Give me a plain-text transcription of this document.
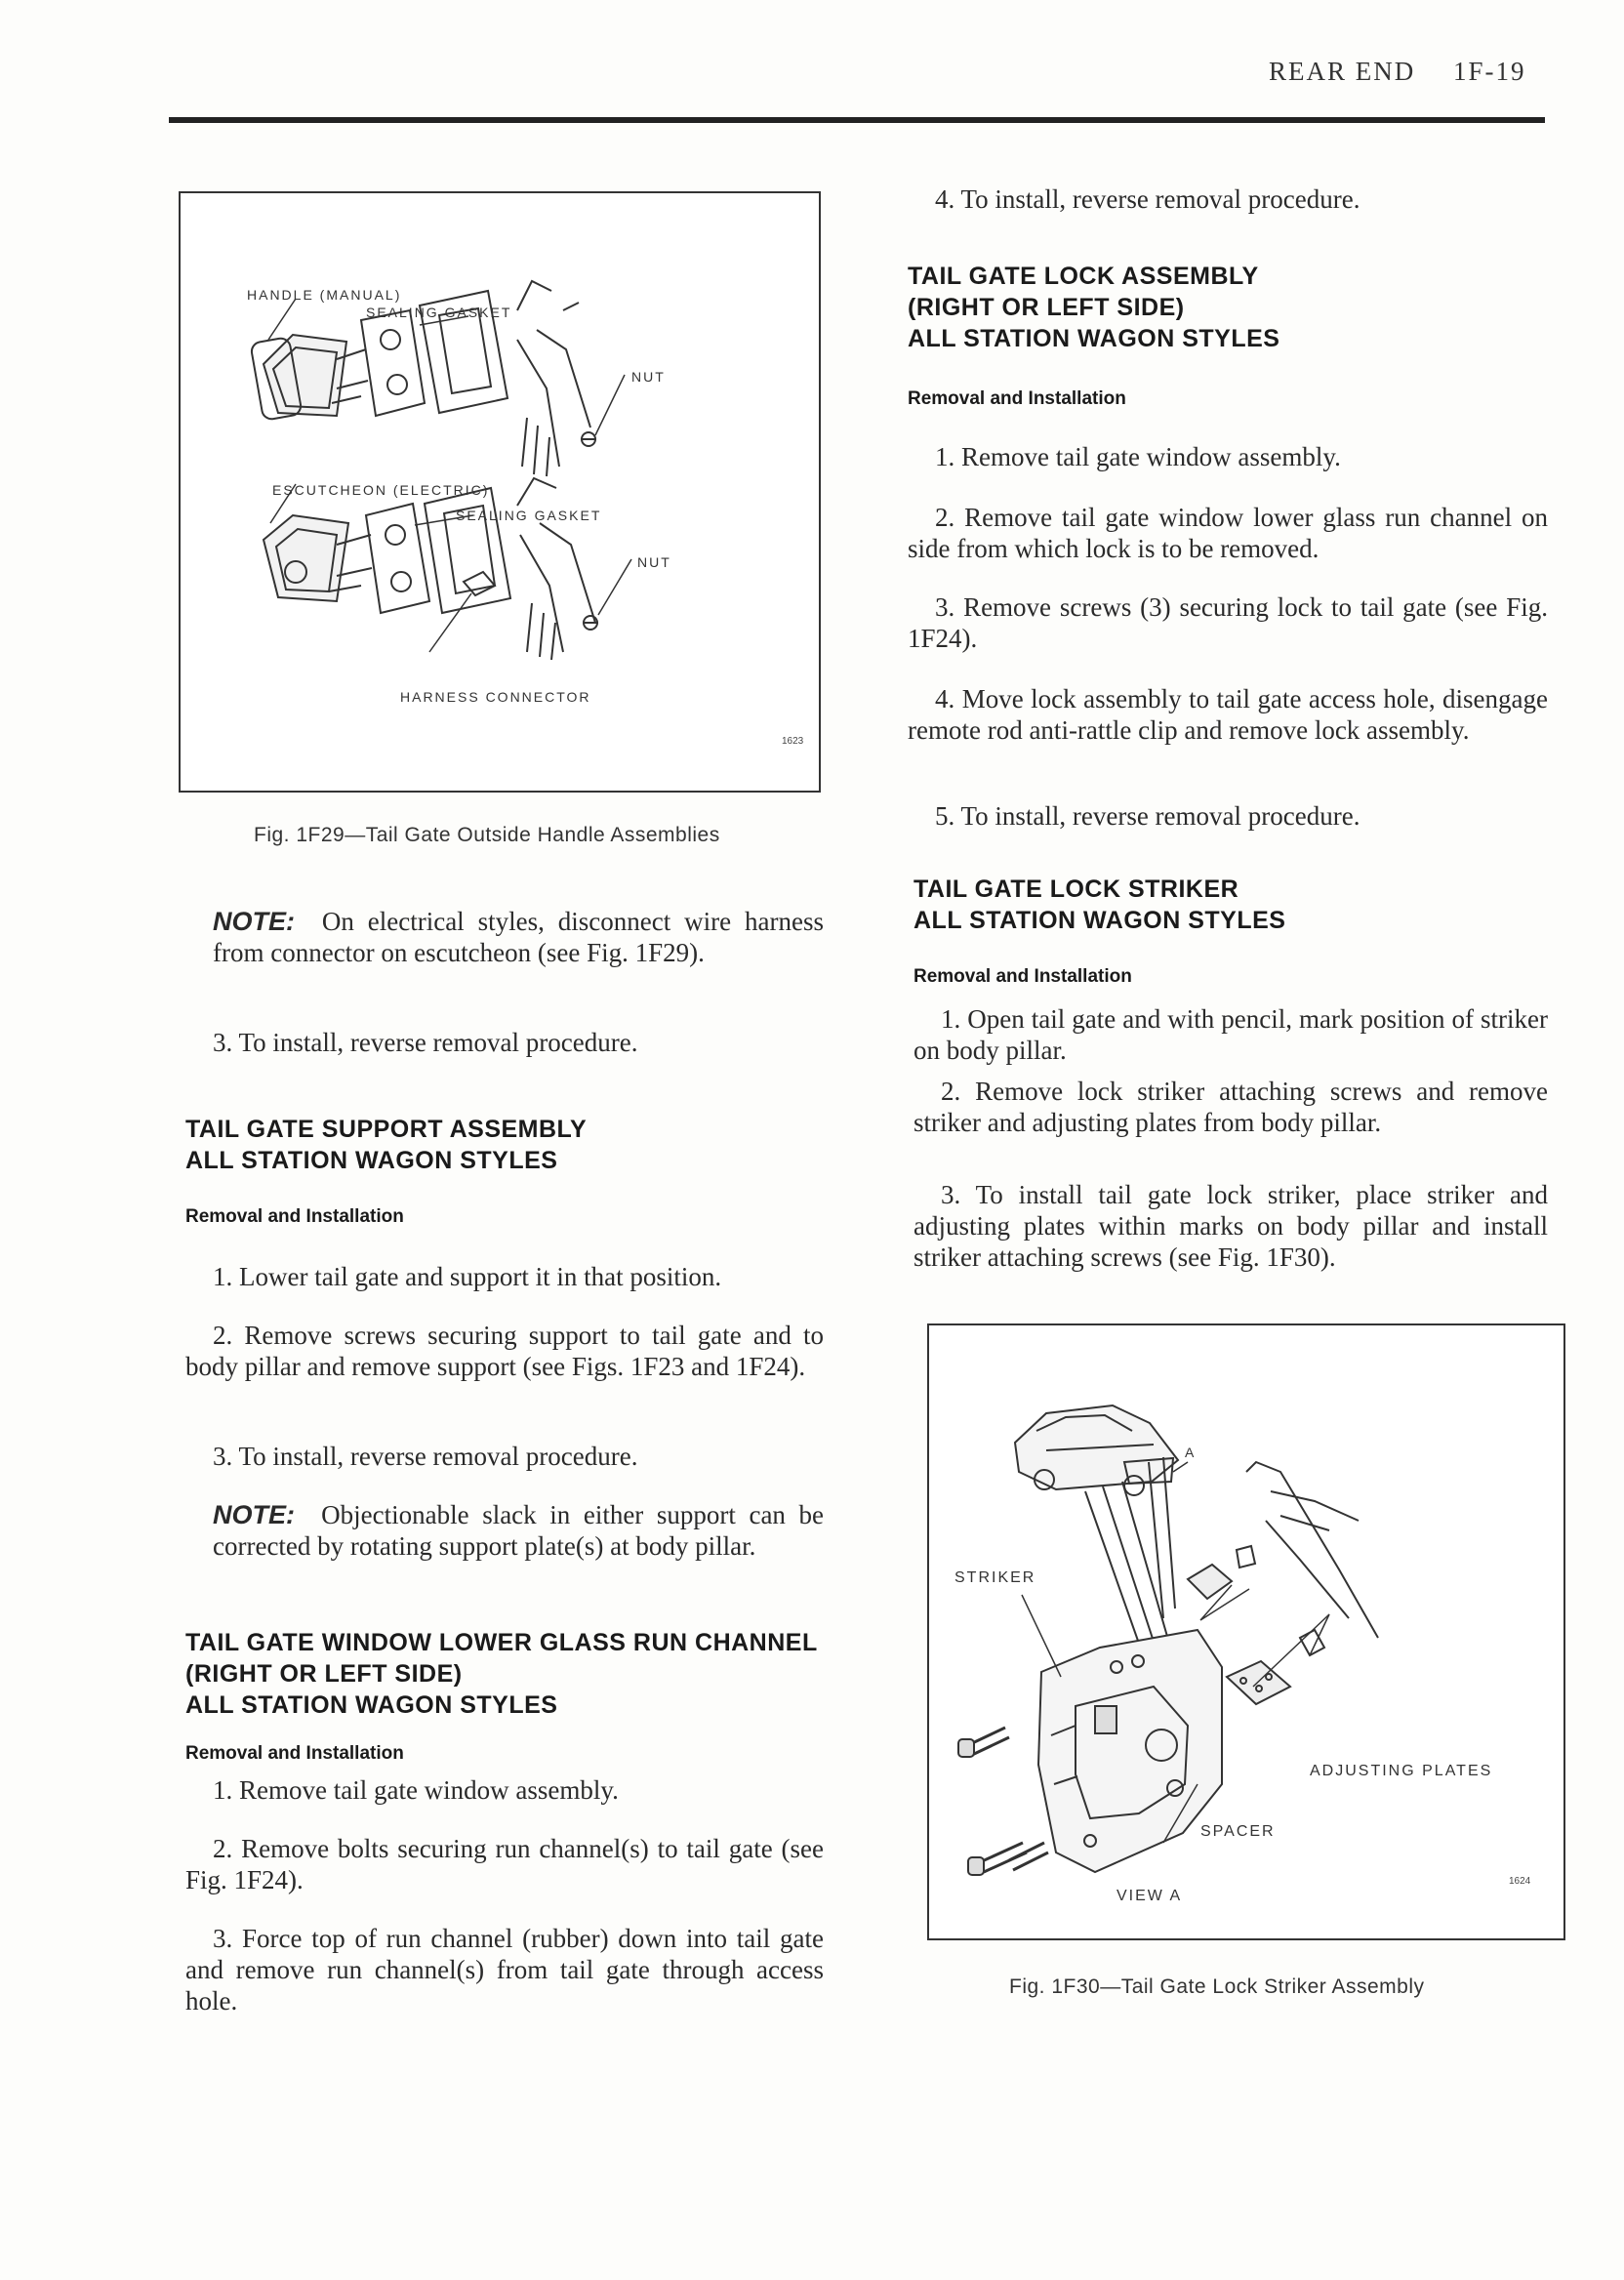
REAR END 1F-19
HANDLE (MANUAL)
SEALING GASKET
NUT
ESCUTCHEON (ELECTRIC)
SEALING GASKET
NUT
HARNESS CONNECTOR
1623
Fig. 1F29—Tail Gate Outside Handle Assemblies
NOTE: On electrical styles, disconnect wire harness from connector on escutcheon (see Fig. 1F29).
3. To install, reverse removal procedure.
TAIL GATE SUPPORT ASSEMBLY
ALL STATION WAGON STYLES
Removal and Installation
1. Lower tail gate and support it in that position.
2. Remove screws securing support to tail gate and to body pillar and remove support (see Figs. 1F23 and 1F24).
3. To install, reverse removal procedure.
NOTE: Objectionable slack in either support can be corrected by rotating support plate(s) at body pillar.
TAIL GATE WINDOW LOWER GLASS RUN CHANNEL
(RIGHT OR LEFT SIDE)
ALL STATION WAGON STYLES
Removal and Installation
1. Remove tail gate window assembly.
2. Remove bolts securing run channel(s) to tail gate (see Fig. 1F24).
3. Force top of run channel (rubber) down into tail gate and remove run channel(s) from tail gate through access hole.
4. To install, reverse removal procedure.
TAIL GATE LOCK ASSEMBLY
(RIGHT OR LEFT SIDE)
ALL STATION WAGON STYLES
Removal and Installation
1. Remove tail gate window assembly.
2. Remove tail gate window lower glass run channel on side from which lock is to be removed.
3. Remove screws (3) securing lock to tail gate (see Fig. 1F24).
4. Move lock assembly to tail gate access hole, disengage remote rod anti-rattle clip and remove lock assembly.
5. To install, reverse removal procedure.
TAIL GATE LOCK STRIKER
ALL STATION WAGON STYLES
Removal and Installation
1. Open tail gate and with pencil, mark position of striker on body pillar.
2. Remove lock striker attaching screws and remove striker and adjusting plates from body pillar.
3. To install tail gate lock striker, place striker and adjusting plates within marks on body pillar and install striker attaching screws (see Fig. 1F30).
A
STRIKER
ADJUSTING PLATES
SPACER
VIEW A
1624
Fig. 1F30—Tail Gate Lock Striker Assembly
